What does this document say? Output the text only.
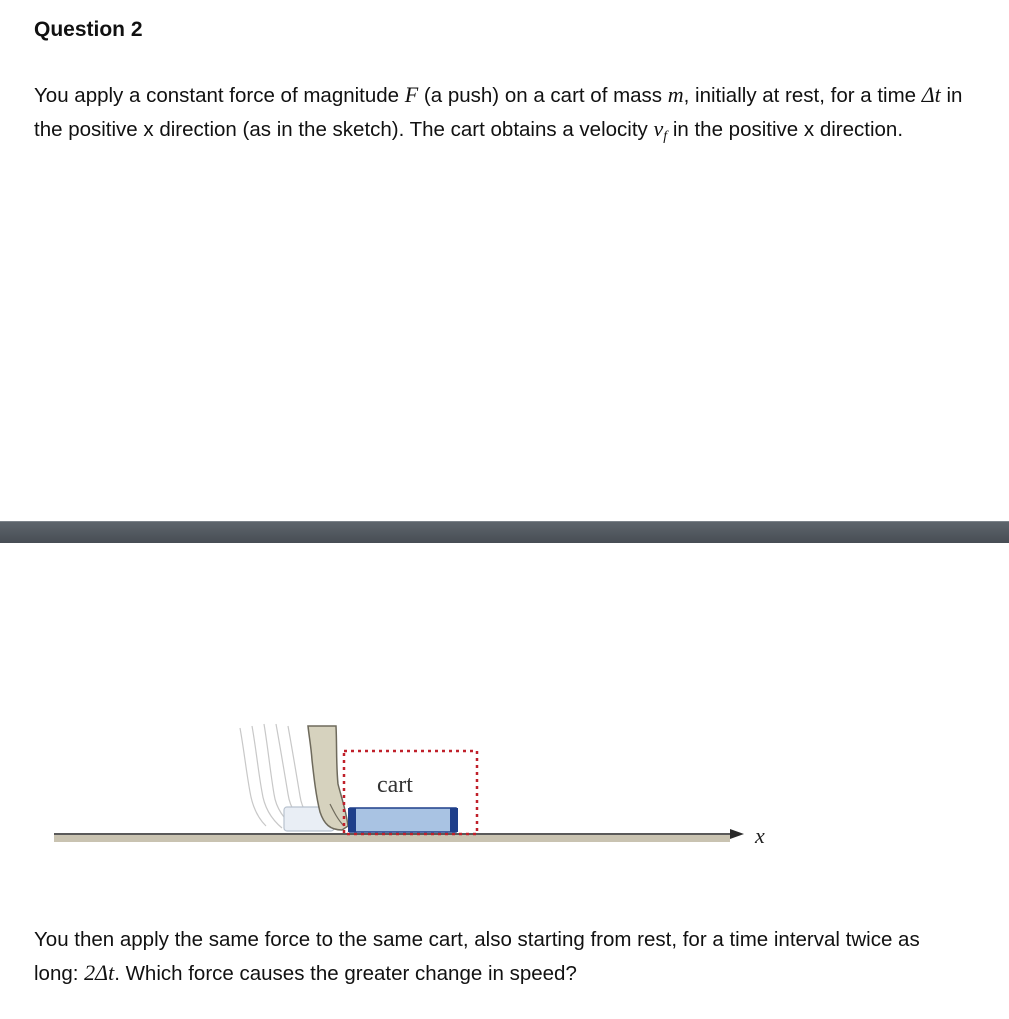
Question 2

You apply a constant force of magnitude F (a push) on a cart of mass m, initially at rest, for a time Δt in the positive x direction (as in the sketch). The cart obtains a velocity $v_f$ in the positive x direction.

x
cart

You then apply the same force to the same cart, also starting from rest, for a time interval twice as long: 2Δt. Which force causes the greater change in speed?
